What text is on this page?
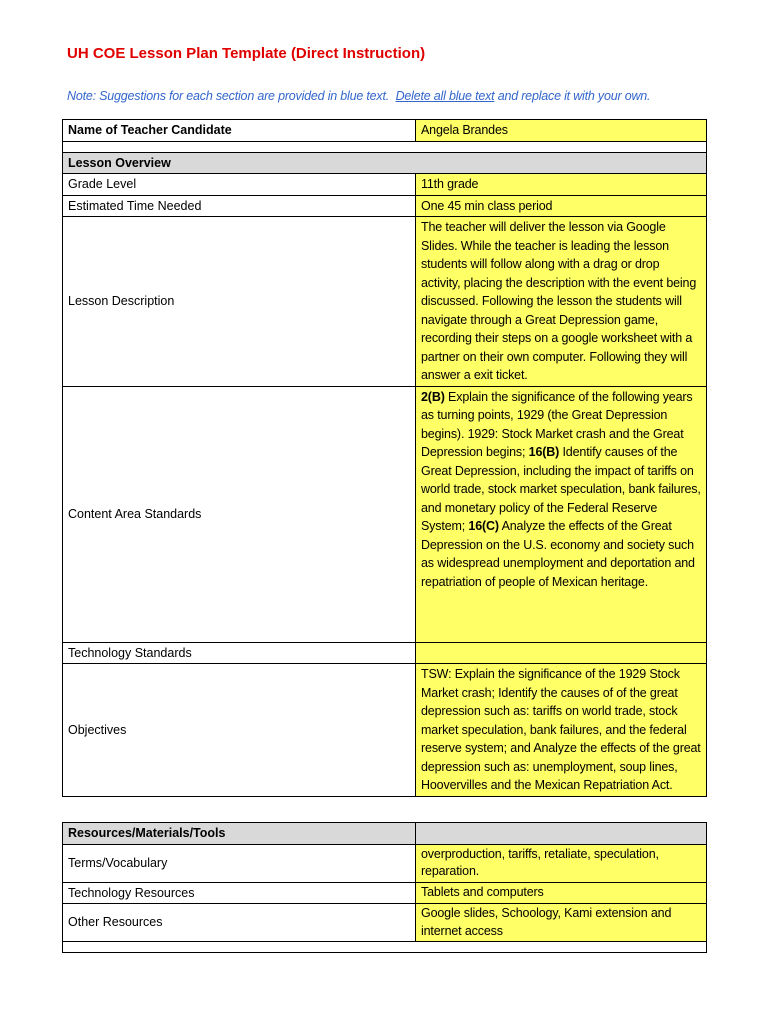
UH COE Lesson Plan Template (Direct Instruction)
Note: Suggestions for each section are provided in blue text. Delete all blue text and replace it with your own.
Name of Teacher Candidate	Angela Brandes

Lesson Overview	
Grade Level	11th grade
Estimated Time Needed	One 45 min class period
Lesson Description	The teacher will deliver the lesson via Google Slides. While the teacher is leading the lesson students will follow along with a drag or drop activity, placing the description with the event being discussed. Following the lesson the students will navigate through a Great Depression game, recording their steps on a google worksheet with a partner on their own computer. Following they will answer a exit ticket.
Content Area Standards	2(B) Explain the significance of the following years as turning points, 1929 (the Great Depression begins). 1929: Stock Market crash and the Great Depression begins; 16(B) Identify causes of the Great Depression, including the impact of tariffs on world trade, stock market speculation, bank failures, and monetary policy of the Federal Reserve System; 16(C) Analyze the effects of the Great Depression on the U.S. economy and society such as widespread unemployment and deportation and repatriation of people of Mexican heritage.
Technology Standards	
Objectives	TSW: Explain the significance of the 1929 Stock Market crash; Identify the causes of of the great depression such as: tariffs on world trade, stock market speculation, bank failures, and the federal reserve system; and Analyze the effects of the great depression such as: unemployment, soup lines, Hoovervilles and the Mexican Repatriation Act.
Resources/Materials/Tools	
Terms/Vocabulary	overproduction, tariffs, retaliate, speculation, reparation.
Technology Resources	Tablets and computers
Other Resources	Google slides, Schoology, Kami extension and internet access
